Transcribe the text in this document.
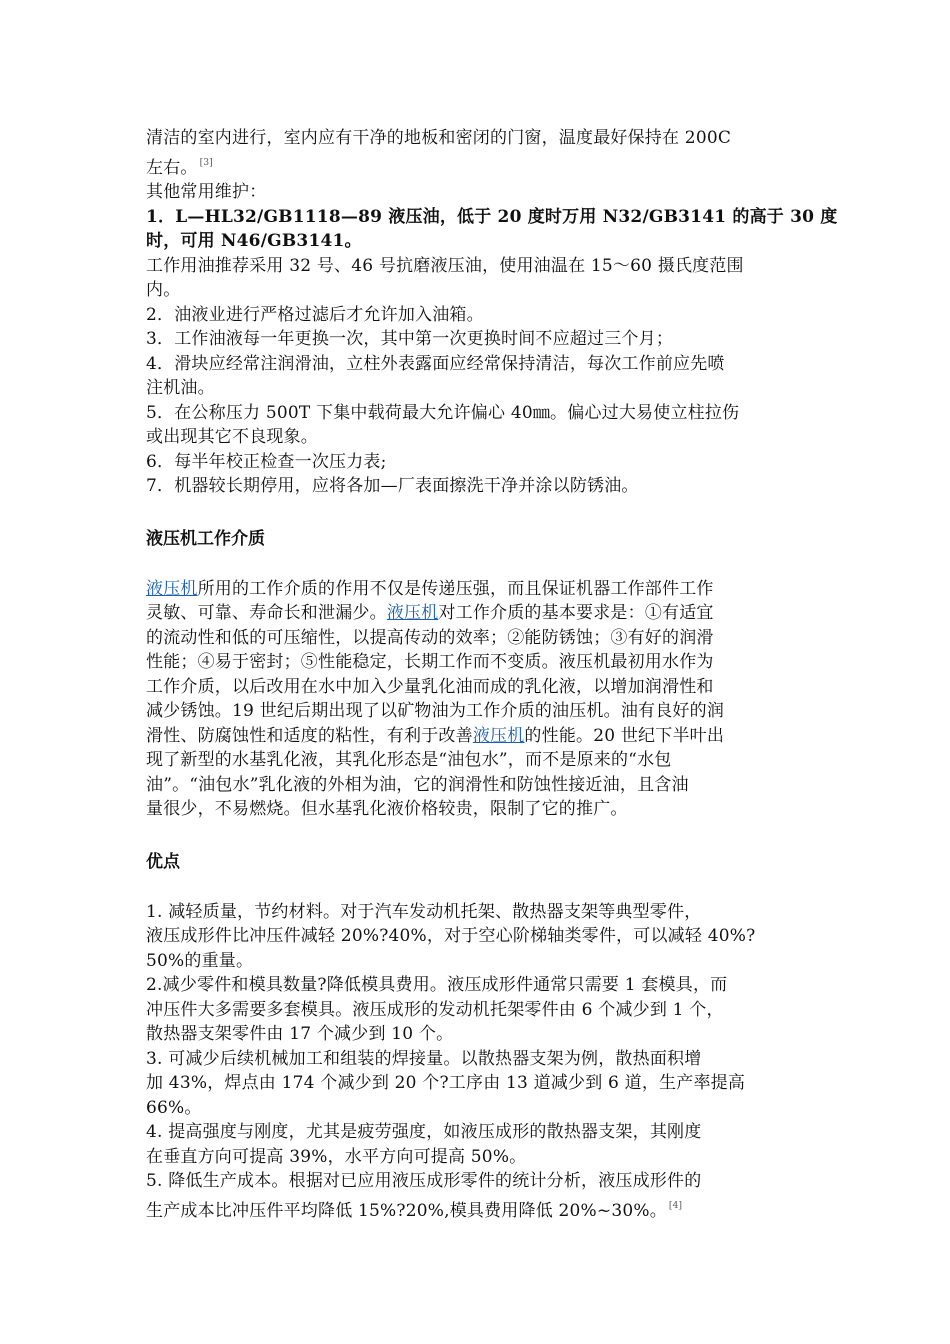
清洁的室内进行，室内应有干净的地板和密闭的门窗，温度最好保持在 200C
左右。 [3]
其他常用维护：
1．L—HL32/GB1118—89 液压油，低于 20 度时万用 N32/GB3141 的高于 30 度
时，可用 N46/GB3141。
工作用油推荐采用 32 号、46 号抗磨液压油，使用油温在 15～60 摄氏度范围
内。
2．油液业进行严格过滤后才允许加入油箱。
3．工作油液每一年更换一次，其中第一次更换时间不应超过三个月；
4．滑块应经常注润滑油，立柱外表露面应经常保持清洁，每次工作前应先喷
注机油。
5．在公称压力 500T 下集中载荷最大允许偏心 40㎜。偏心过大易使立柱拉伤
或出现其它不良现象。
6．每半年校正检查一次压力表;
7．机器较长期停用，应将各加—厂表面擦洗干净并涂以防锈油。
液压机工作介质
液压机所用的工作介质的作用不仅是传递压强，而且保证机器工作部件工作
灵敏、可靠、寿命长和泄漏少。液压机对工作介质的基本要求是：①有适宜
的流动性和低的可压缩性，以提高传动的效率；②能防锈蚀；③有好的润滑
性能；④易于密封；⑤性能稳定，长期工作而不变质。液压机最初用水作为
工作介质，以后改用在水中加入少量乳化油而成的乳化液，以增加润滑性和
减少锈蚀。19 世纪后期出现了以矿物油为工作介质的油压机。油有良好的润
滑性、防腐蚀性和适度的粘性，有利于改善液压机的性能。20 世纪下半叶出
现了新型的水基乳化液，其乳化形态是“油包水”，而不是原来的“水包
油”。“油包水”乳化液的外相为油，它的润滑性和防蚀性接近油，且含油
量很少，不易燃烧。但水基乳化液价格较贵，限制了它的推广。
优点
1. 减轻质量，节约材料。对于汽车发动机托架、散热器支架等典型零件，
液压成形件比冲压件减轻 20%?40%，对于空心阶梯轴类零件，可以减轻 40%?
50%的重量。
2.减少零件和模具数量?降低模具费用。液压成形件通常只需要 1 套模具，而
冲压件大多需要多套模具。液压成形的发动机托架零件由 6 个减少到 1 个，
散热器支架零件由 17 个减少到 10 个。
3. 可减少后续机械加工和组装的焊接量。以散热器支架为例，散热面积增
加 43%，焊点由 174 个减少到 20 个?工序由 13 道减少到 6 道，生产率提高
66%。
4. 提高强度与刚度，尤其是疲劳强度，如液压成形的散热器支架，其刚度
在垂直方向可提高 39%，水平方向可提高 50%。
5. 降低生产成本。根据对已应用液压成形零件的统计分析，液压成形件的
生产成本比冲压件平均降低 15%?20%,模具费用降低 20%~30%。 [4]
